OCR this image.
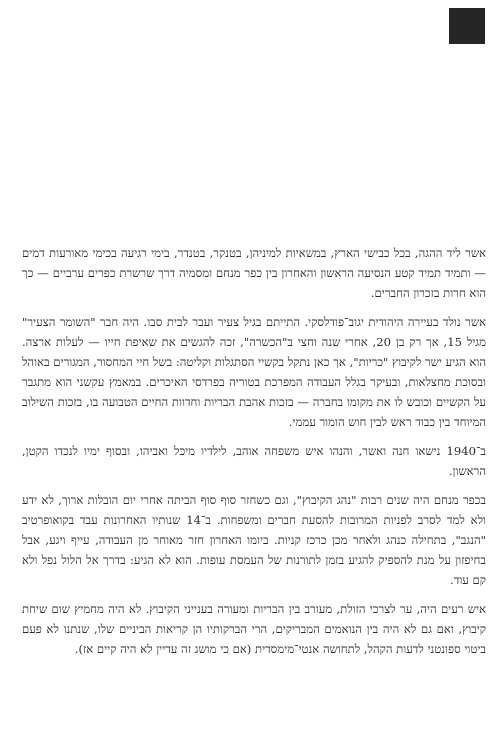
אשר ליד ההגה, בכל כבישי הארץ, במשאיות למיניהן, בטנקר, בטנדר, בימי רגיעה בכימי מאורעות דמים — ותמיד תמיד קטע הנסיעה הראשון והאחרון בין כפר מנחם ומסמיה דרך שרשרת כפרים ערביים — כך הוא חרות בזכרון החברים.

אשר נולד בעיירה היהודית יגוב־פודלסקי. התייתם בגיל צעיר ועבר לבית סבו. היה חבר "השומר הצעיר" מגיל 15, אך רק בן 20, אחרי שנה וחצי ב"הכשרה", זכה להגשים את שאיפת חייו — לעלות ארצה. הוא הגיע ישר לקיבוץ "כריות", אך כאן נתקל בקשיי הסתגלות וקליטה: בשל חיי המחסור, המגורים באוהל ובסוכת מחצלאות, ובעיקר בגלל העבודה המפרכת בטוריה בפרדסי האיכרים. במאמץ עקשני הוא מתגבר על הקשיים וכובש לו את מקומו בחברה — בזכות אהבת הבריות וחדוות החיים הטבועה בו, בזכות השילוב המיוחד בין כבוד ראש לבין חוש הומור עממי.

ב־1940 נישאו חנה ואשר, והנהו איש משפחה אוהב, לילדיו מיכל ואביהו, ובסוף ימיו לנכדו הקטן, הראשון.

בכפר מנחם היה שנים רבות "נהג הקיבוץ", וגם כשחזר סוף סוף הביתה אחרי יום הובלות ארוך, לא ידע ולא למד לסרב לפניות המרובות להסעת חברים ומשפחות. ב־14 שנותיו האחרונות עבד בקואופרטיב "הנגב", בתחילה כנהג ולאחר מכן כרכז קניות. ביומו האחרון חזר מאוחר מן העבודה, עייף ויגע, אבל בחיפזון על מנת להספיק להגיע בזמן לתורנות של העמסת עופות. הוא לא הגיע: בדרך אל הלול נפל ולא קם עוד.

איש רעים היה, ער לצרכי הזולת, מעורב בין הבריות ומעורה בענייני הקיבוץ. לא היה מחמיץ שום שיחת קיבוץ, ואם גם לא היה בין הנואמים המבריקים, הרי הברקותיו הן קריאות הביניים שלו, שנתנו לא פעם ביטוי ספונטני לדעות הקהל, לתחושה אנטי־מימסדית (אם כי מושג זה עדיין לא היה קיים אז).
